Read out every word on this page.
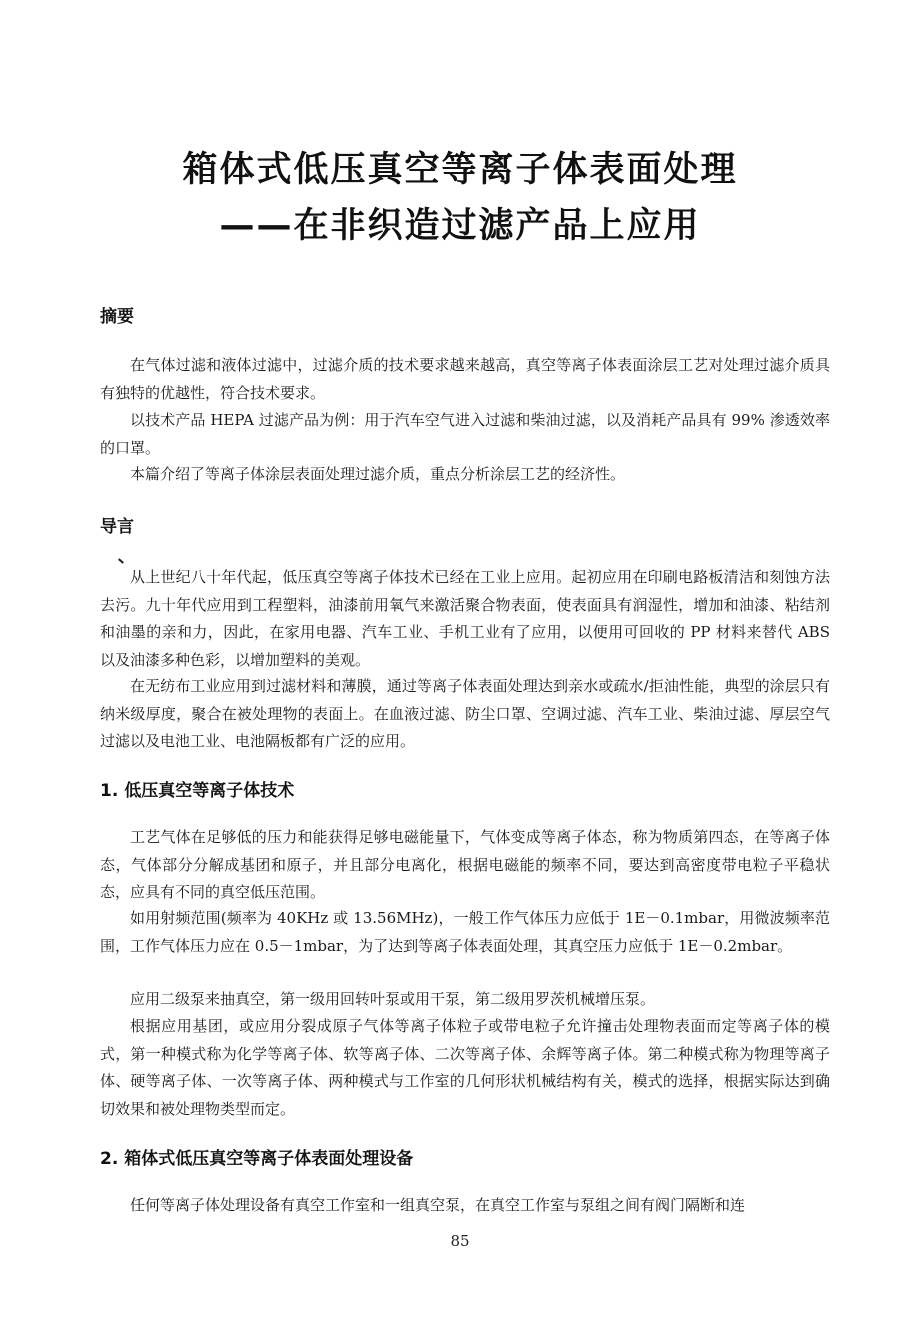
箱体式低压真空等离子体表面处理
——在非织造过滤产品上应用
摘要
在气体过滤和液体过滤中，过滤介质的技术要求越来越高，真空等离子体表面涂层工艺对处理过滤介质具有独特的优越性，符合技术要求。
以技术产品 HEPA 过滤产品为例：用于汽车空气进入过滤和柴油过滤，以及消耗产品具有 99% 渗透效率的口罩。
本篇介绍了等离子体涂层表面处理过滤介质，重点分析涂层工艺的经济性。
导言
从上世纪八十年代起，低压真空等离子体技术已经在工业上应用。起初应用在印刷电路板清洁和刻蚀方法去污。九十年代应用到工程塑料，油漆前用氧气来激活聚合物表面，使表面具有润湿性，增加和油漆、粘结剂和油墨的亲和力，因此，在家用电器、汽车工业、手机工业有了应用，以便用可回收的 PP 材料来替代 ABS 以及油漆多种色彩，以增加塑料的美观。
在无纺布工业应用到过滤材料和薄膜，通过等离子体表面处理达到亲水或疏水/拒油性能，典型的涂层只有纳米级厚度，聚合在被处理物的表面上。在血液过滤、防尘口罩、空调过滤、汽车工业、柴油过滤、厚层空气过滤以及电池工业、电池隔板都有广泛的应用。
1. 低压真空等离子体技术
工艺气体在足够低的压力和能获得足够电磁能量下，气体变成等离子体态，称为物质第四态，在等离子体态，气体部分分解成基团和原子，并且部分电离化，根据电磁能的频率不同，要达到高密度带电粒子平稳状态，应具有不同的真空低压范围。
如用射频范围(频率为 40KHz 或 13.56MHz)，一般工作气体压力应低于 1E－0.1mbar，用微波频率范围，工作气体压力应在 0.5－1mbar，为了达到等离子体表面处理，其真空压力应低于 1E－0.2mbar。
应用二级泵来抽真空，第一级用回转叶泵或用干泵，第二级用罗茨机械增压泵。
根据应用基团，或应用分裂成原子气体等离子体粒子或带电粒子允许撞击处理物表面而定等离子体的模式，第一种模式称为化学等离子体、软等离子体、二次等离子体、余辉等离子体。第二种模式称为物理等离子体、硬等离子体、一次等离子体、两种模式与工作室的几何形状机械结构有关，模式的选择，根据实际达到确切效果和被处理物类型而定。
2. 箱体式低压真空等离子体表面处理设备
任何等离子体处理设备有真空工作室和一组真空泵，在真空工作室与泵组之间有阀门隔断和连
85
